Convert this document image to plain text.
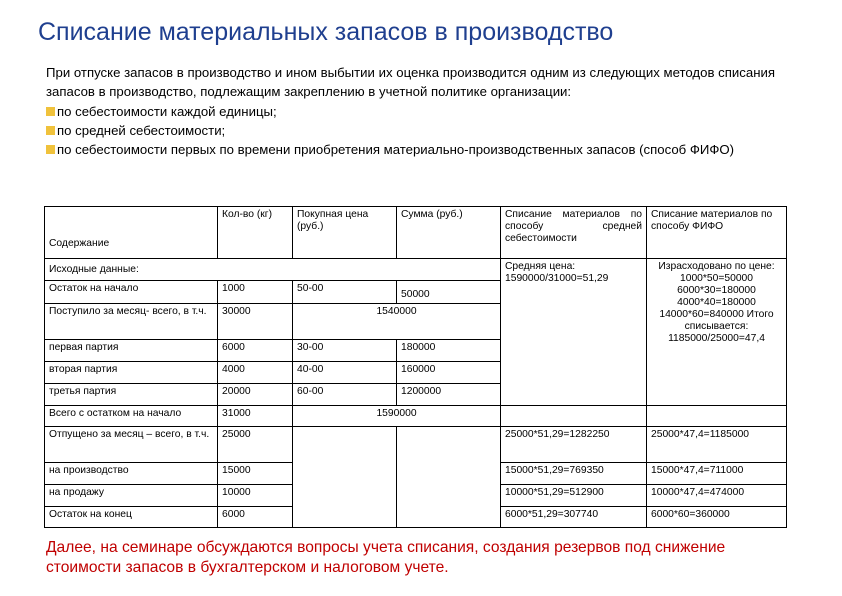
Списание материальных запасов в производство

При отпуске запасов в производство и ином выбытии их оценка производится одним из следующих методов списания запасов в производство, подлежащим закреплению в учетной политике организации:

по себестоимости каждой единицы;
по средней себестоимости;
по себестоимости первых по времени приобретения материально-производственных запасов (способ ФИФО)
Содержание	Кол-во (кг)	Покупная цена (руб.)	Сумма (руб.)	Списание материалов по способу средней себестоимости	Списание материалов по способу ФИФО
Исходные данные:				Средняя цена: 1590000/31000=51,29	Израсходовано по цене: 1000*50=50000 6000*30=180000 4000*40=180000 14000*60=840000 Итого списывается: 1185000/25000=47,4
Остаток на начало	1000	50-00	50000		
Поступило за месяц- всего, в т.ч.	30000	1540000			
первая партия	6000	30-00	180000		
вторая партия	4000	40-00	160000		
третья партия	20000	60-00	1200000		
Всего с остатком на начало	31000	1590000			
Отпущено за месяц – всего, в т.ч.	25000			25000*51,29=1282250	25000*47,4=1185000
на производство	15000			15000*51,29=769350	15000*47,4=711000
на продажу	10000			10000*51,29=512900	10000*47,4=474000
Остаток на конец	6000			6000*51,29=307740	6000*60=360000
Далее, на семинаре обсуждаются вопросы учета списания, создания резервов под снижение стоимости запасов в бухгалтерском и налоговом учете.
